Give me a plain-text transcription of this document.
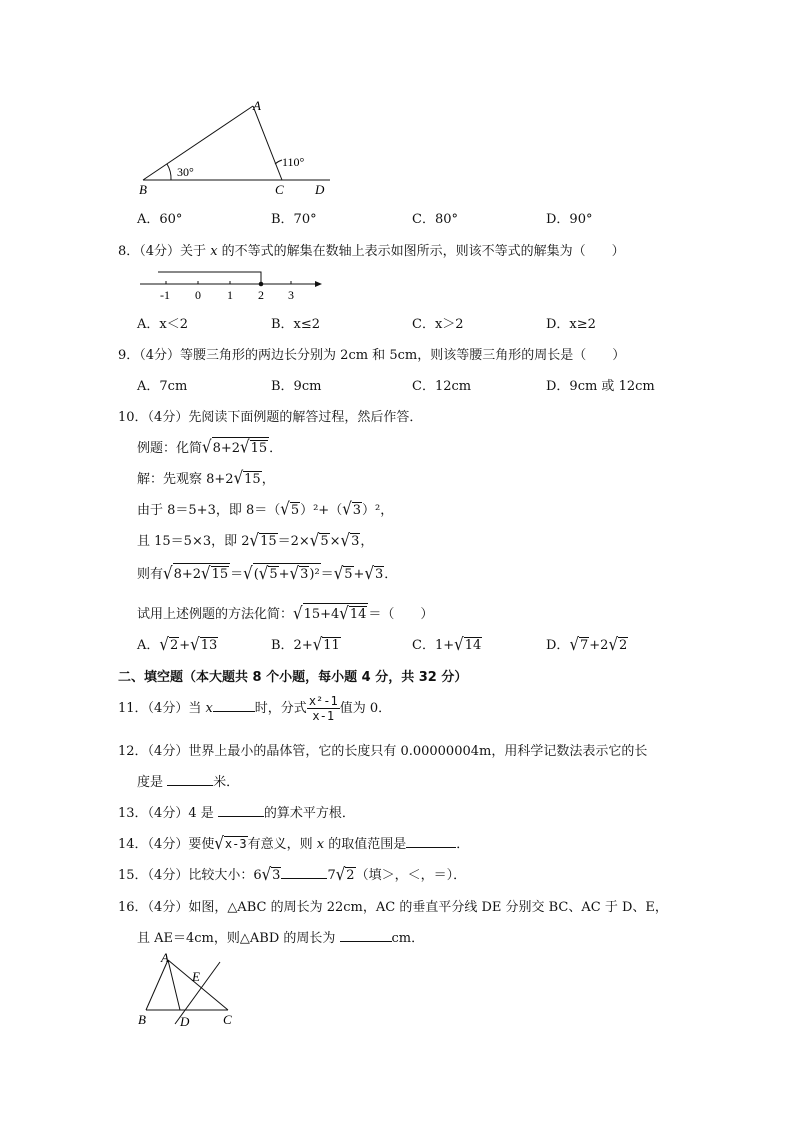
A
B	C D
30°
110°
A．60°	B．70°	C．80°	D．90°
8．（4分）关于 x 的不等式的解集在数轴上表示如图所示，则该不等式的解集为（　　）
-1 0 1 2 3
A．x＜2	B．x≤2	C．x＞2	D．x≥2
9．（4分）等腰三角形的两边长分别为 2cm 和 5cm，则该等腰三角形的周长是（　　）
A．7cm	B．9cm	C．12cm	D．9cm 或 12cm
10．（4分）先阅读下面例题的解答过程，然后作答．
例题：化简√8+2√15 ．
解：先观察 8+2√15，
由于 8＝5+3，即 8＝（√5）²+（√3）²，
且 15＝5×3，即 2√15＝2×√5×√3，
则有√8+2√15 ＝√(√5+√3)²＝√5+√3．
试用上述例题的方法化简：√15+4√14 ＝（　　）
A．√2+√13	B．2+√11	C．1+√14	D．√7+2√2
二、填空题（本大题共 8 个小题，每小题 4 分，共 32 分）
11．（4分）当 x	时，分式 $\frac{\text{x²-1}}{x-1}$ 值为 0．
12．（4分）世界上最小的晶体管，它的长度只有 0.00000004m，用科学记数法表示它的长
度是	米．
13．（4分）4 是	的算术平方根．
14．（4分）要使√x-3有意义，则 x 的取值范围是	．
15．（4分）比较大小：6√3	7√2（填＞，＜，＝）．
16．（4分）如图，△ABC 的周长为 22cm，AC 的垂直平分线 DE 分别交 BC、AC 于 D、E，
且 AE＝4cm，则△ABD 的周长为	cm．
A
B	C
D
E
